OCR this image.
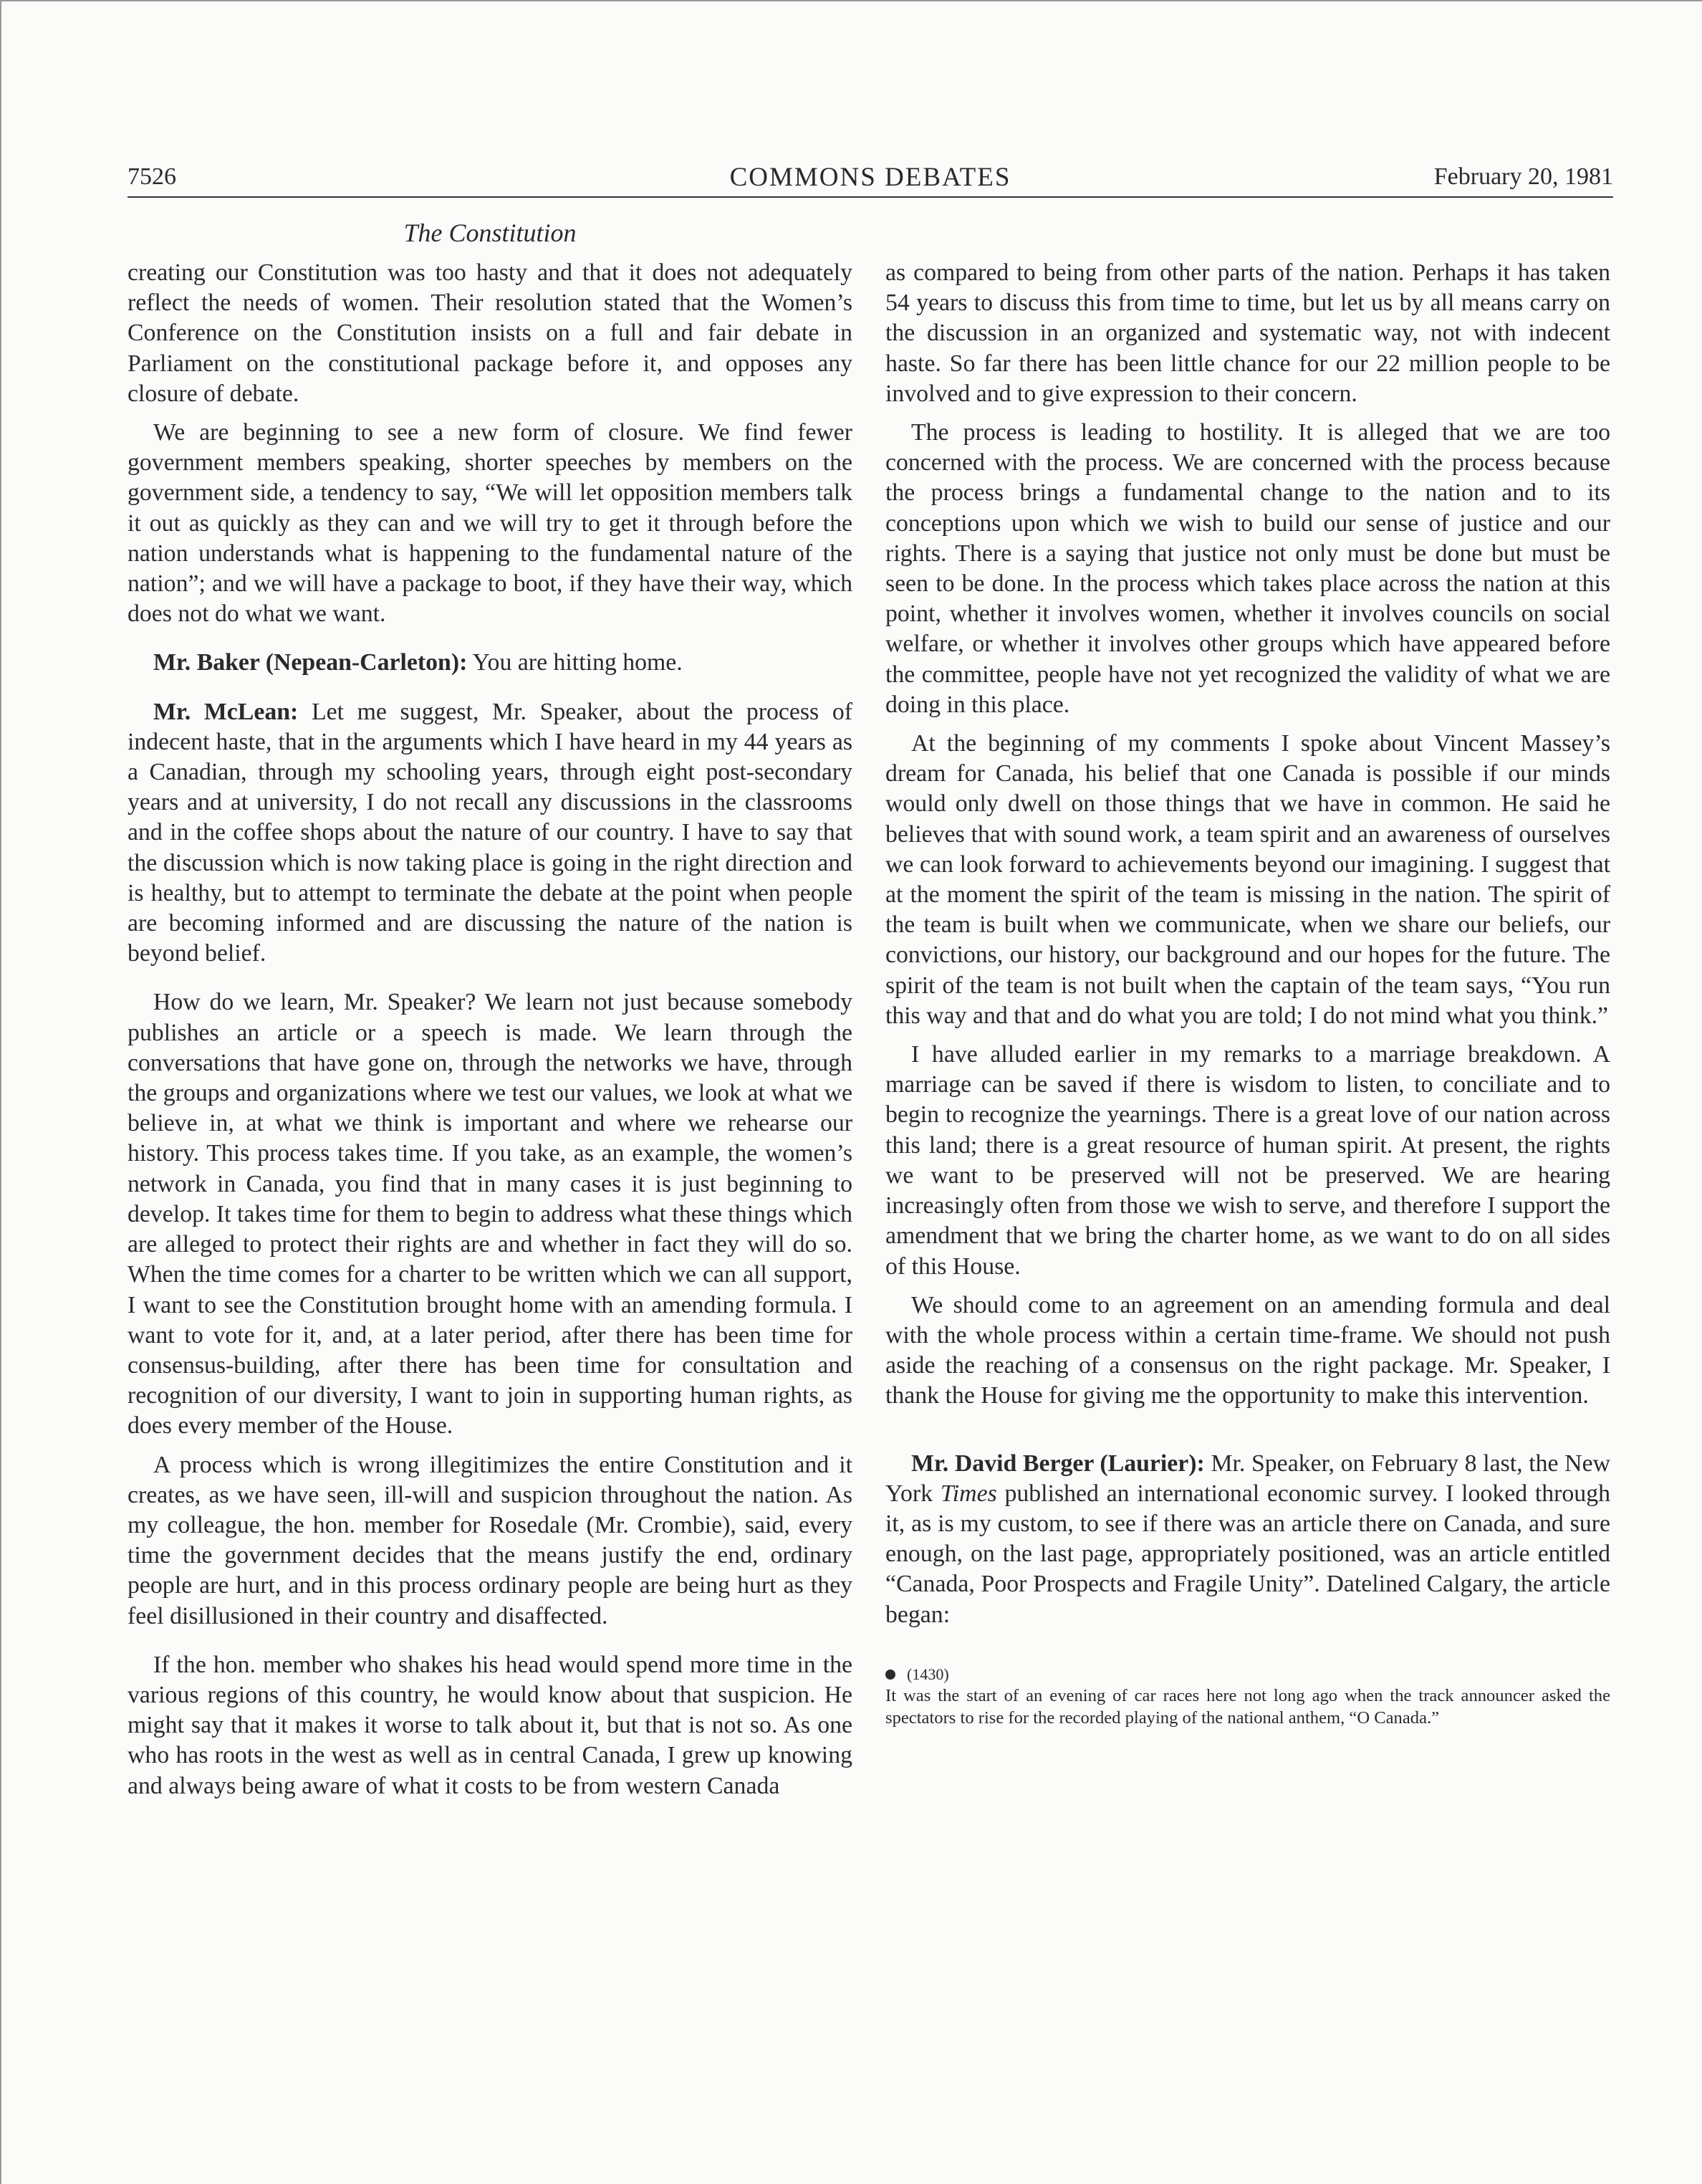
7526	COMMONS DEBATES	February 20, 1981
The Constitution

creating our Constitution was too hasty and that it does not adequately reflect the needs of women. Their resolution stated that the Women’s Conference on the Constitution insists on a full and fair debate in Parliament on the constitutional package before it, and opposes any closure of debate.

We are beginning to see a new form of closure. We find fewer government members speaking, shorter speeches by members on the government side, a tendency to say, “We will let opposition members talk it out as quickly as they can and we will try to get it through before the nation understands what is happening to the fundamental nature of the nation”; and we will have a package to boot, if they have their way, which does not do what we want.

Mr. Baker (Nepean-Carleton): You are hitting home.

Mr. McLean: Let me suggest, Mr. Speaker, about the process of indecent haste, that in the arguments which I have heard in my 44 years as a Canadian, through my schooling years, through eight post-secondary years and at university, I do not recall any discussions in the classrooms and in the coffee shops about the nature of our country. I have to say that the discussion which is now taking place is going in the right direction and is healthy, but to attempt to terminate the debate at the point when people are becoming informed and are discussing the nature of the nation is beyond belief.

How do we learn, Mr. Speaker? We learn not just because somebody publishes an article or a speech is made. We learn through the conversations that have gone on, through the networks we have, through the groups and organizations where we test our values, we look at what we believe in, at what we think is important and where we rehearse our history. This process takes time. If you take, as an example, the women’s network in Canada, you find that in many cases it is just beginning to develop. It takes time for them to begin to address what these things which are alleged to protect their rights are and whether in fact they will do so. When the time comes for a charter to be written which we can all support, I want to see the Constitution brought home with an amending formula. I want to vote for it, and, at a later period, after there has been time for consensus-building, after there has been time for consultation and recognition of our diversity, I want to join in supporting human rights, as does every member of the House.

A process which is wrong illegitimizes the entire Constitution and it creates, as we have seen, ill-will and suspicion throughout the nation. As my colleague, the hon. member for Rosedale (Mr. Crombie), said, every time the government decides that the means justify the end, ordinary people are hurt, and in this process ordinary people are being hurt as they feel disillusioned in their country and disaffected.

If the hon. member who shakes his head would spend more time in the various regions of this country, he would know about that suspicion. He might say that it makes it worse to talk about it, but that is not so. As one who has roots in the west as well as in central Canada, I grew up knowing and always being aware of what it costs to be from western Canada

as compared to being from other parts of the nation. Perhaps it has taken 54 years to discuss this from time to time, but let us by all means carry on the discussion in an organized and systematic way, not with indecent haste. So far there has been little chance for our 22 million people to be involved and to give expression to their concern.

The process is leading to hostility. It is alleged that we are too concerned with the process. We are concerned with the process because the process brings a fundamental change to the nation and to its conceptions upon which we wish to build our sense of justice and our rights. There is a saying that justice not only must be done but must be seen to be done. In the process which takes place across the nation at this point, whether it involves women, whether it involves councils on social welfare, or whether it involves other groups which have appeared before the committee, people have not yet recognized the validity of what we are doing in this place.

At the beginning of my comments I spoke about Vincent Massey’s dream for Canada, his belief that one Canada is possible if our minds would only dwell on those things that we have in common. He said he believes that with sound work, a team spirit and an awareness of ourselves we can look forward to achievements beyond our imagining. I suggest that at the moment the spirit of the team is missing in the nation. The spirit of the team is built when we communicate, when we share our beliefs, our convictions, our history, our background and our hopes for the future. The spirit of the team is not built when the captain of the team says, “You run this way and that and do what you are told; I do not mind what you think.”

I have alluded earlier in my remarks to a marriage breakdown. A marriage can be saved if there is wisdom to listen, to conciliate and to begin to recognize the yearnings. There is a great love of our nation across this land; there is a great resource of human spirit. At present, the rights we want to be preserved will not be preserved. We are hearing increasingly often from those we wish to serve, and therefore I support the amendment that we bring the charter home, as we want to do on all sides of this House.

We should come to an agreement on an amending formula and deal with the whole process within a certain time-frame. We should not push aside the reaching of a consensus on the right package. Mr. Speaker, I thank the House for giving me the opportunity to make this intervention.

Mr. David Berger (Laurier): Mr. Speaker, on February 8 last, the New York Times published an international economic survey. I looked through it, as is my custom, to see if there was an article there on Canada, and sure enough, on the last page, appropriately positioned, was an article entitled “Canada, Poor Prospects and Fragile Unity”. Datelined Calgary, the article began:

(1430)

It was the start of an evening of car races here not long ago when the track announcer asked the spectators to rise for the recorded playing of the national anthem, “O Canada.”
